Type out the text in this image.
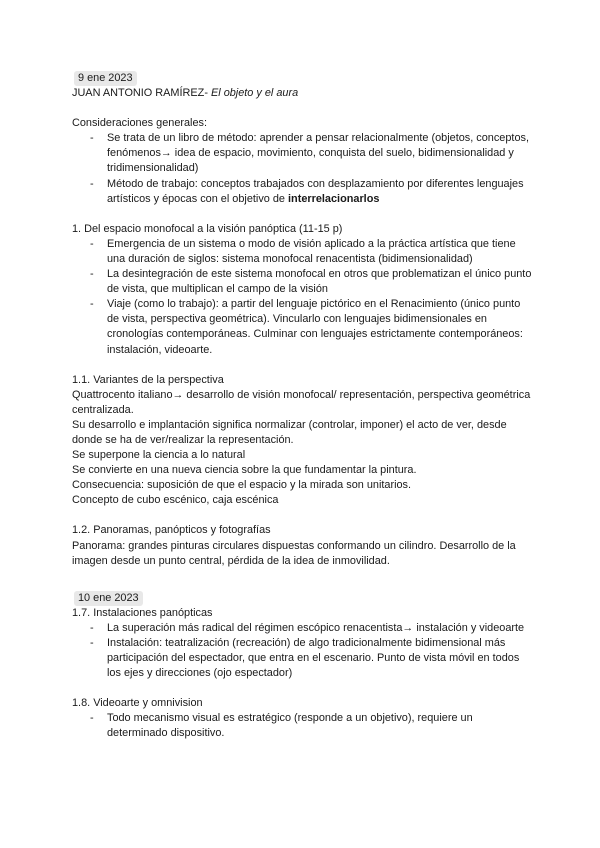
9 ene 2023

JUAN ANTONIO RAMÍREZ- El objeto y el aura

Consideraciones generales:

- Se trata de un libro de método: aprender a pensar relacionalmente (objetos, conceptos, fenómenos→ idea de espacio, movimiento, conquista del suelo, bidimensionalidad y tridimensionalidad)
- Método de trabajo: conceptos trabajados con desplazamiento por diferentes lenguajes artísticos y épocas con el objetivo de interrelacionarlos

1. Del espacio monofocal a la visión panóptica (11-15 p)

- Emergencia de un sistema o modo de visión aplicado a la práctica artística que tiene una duración de siglos: sistema monofocal renacentista (bidimensionalidad)
- La desintegración de este sistema monofocal en otros que problematizan el único punto de vista, que multiplican el campo de la visión
- Viaje (como lo trabajo): a partir del lenguaje pictórico en el Renacimiento (único punto de vista, perspectiva geométrica). Vincularlo con lenguajes bidimensionales en cronologías contemporáneas. Culminar con lenguajes estrictamente contemporáneos: instalación, videoarte.

1.1. Variantes de la perspectiva

Quattrocento italiano→ desarrollo de visión monofocal/ representación, perspectiva geométrica centralizada.

Su desarrollo e implantación significa normalizar (controlar, imponer) el acto de ver, desde donde se ha de ver/realizar la representación.

Se superpone la ciencia a lo natural

Se convierte en una nueva ciencia sobre la que fundamentar la pintura.

Consecuencia: suposición de que el espacio y la mirada son unitarios.

Concepto de cubo escénico, caja escénica

1.2. Panoramas, panópticos y fotografías

Panorama: grandes pinturas circulares dispuestas conformando un cilindro. Desarrollo de la imagen desde un punto central, pérdida de la idea de inmovilidad.

10 ene 2023

1.7. Instalaciones panópticas

- La superación más radical del régimen escópico renacentista→ instalación y videoarte
- Instalación: teatralización (recreación) de algo tradicionalmente bidimensional más participación del espectador, que entra en el escenario. Punto de vista móvil en todos los ejes y direcciones (ojo espectador)

1.8. Videoarte y omnivision

- Todo mecanismo visual es estratégico (responde a un objetivo), requiere un determinado dispositivo.
